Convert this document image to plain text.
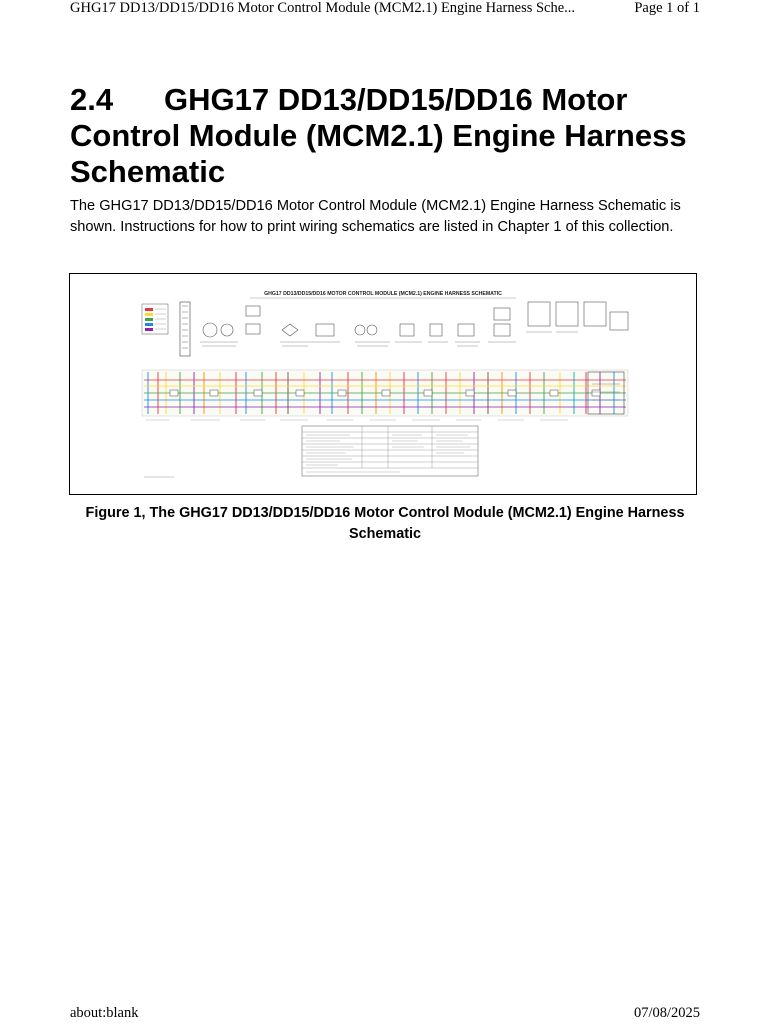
GHG17 DD13/DD15/DD16 Motor Control Module (MCM2.1) Engine Harness Sche...	Page 1 of 1
2.4 GHG17 DD13/DD15/DD16 Motor Control Module (MCM2.1) Engine Harness Schematic

The GHG17 DD13/DD15/DD16 Motor Control Module (MCM2.1) Engine Harness Schematic is shown. Instructions for how to print wiring schematics are listed in Chapter 1 of this collection.

GHG17 DD13/DD15/DD16 MOTOR CONTROL MODULE (MCM2.1) ENGINE HARNESS SCHEMATIC

Figure 1, The GHG17 DD13/DD15/DD16 Motor Control Module (MCM2.1) Engine Harness Schematic

about:blank	07/08/2025
